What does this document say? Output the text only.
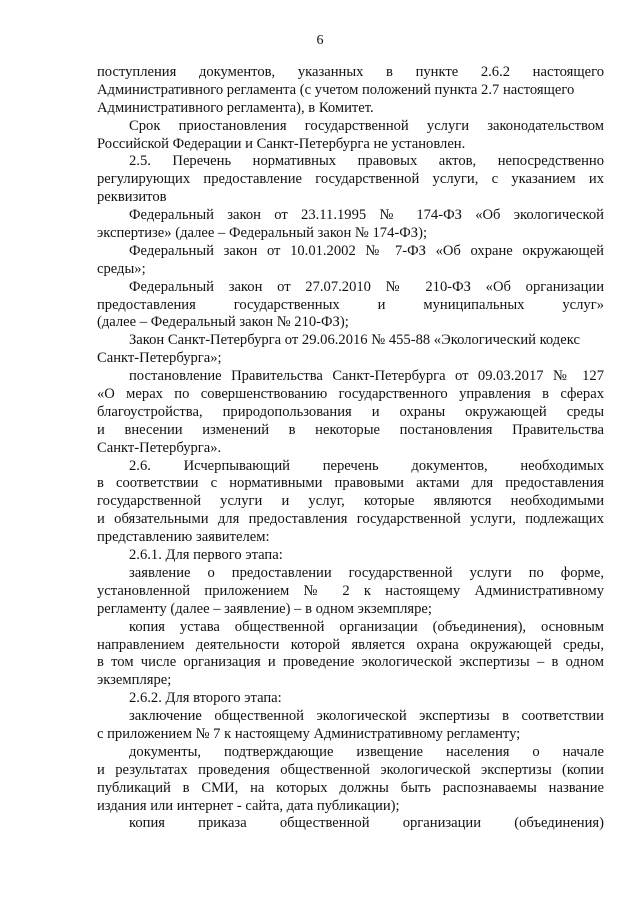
6
поступления документов, указанных в пункте 2.6.2 настоящего
Административного регламента (с учетом положений пункта 2.7 настоящего
Административного регламента), в Комитет.
Срок приостановления государственной услуги законодательством
Российской Федерации и Санкт-Петербурга не установлен.
2.5. Перечень нормативных правовых актов, непосредственно
регулирующих предоставление государственной услуги, с указанием их
реквизитов
Федеральный закон от 23.11.1995 № 174-ФЗ «Об экологической
экспертизе» (далее – Федеральный закон № 174-ФЗ);
Федеральный закон от 10.01.2002 № 7-ФЗ «Об охране окружающей
среды»;
Федеральный закон от 27.07.2010 № 210-ФЗ «Об организации
предоставления государственных и муниципальных услуг»
(далее – Федеральный закон № 210-ФЗ);
Закон Санкт-Петербурга от 29.06.2016 № 455-88 «Экологический кодекс
Санкт-Петербурга»;
постановление Правительства Санкт-Петербурга от 09.03.2017 № 127
«О мерах по совершенствованию государственного управления в сферах
благоустройства, природопользования и охраны окружающей среды
и внесении изменений в некоторые постановления Правительства
Санкт-Петербурга».
2.6. Исчерпывающий перечень документов, необходимых
в соответствии с нормативными правовыми актами для предоставления
государственной услуги и услуг, которые являются необходимыми
и обязательными для предоставления государственной услуги, подлежащих
представлению заявителем:
2.6.1. Для первого этапа:
заявление о предоставлении государственной услуги по форме,
установленной приложением № 2 к настоящему Административному
регламенту (далее – заявление) – в одном экземпляре;
копия устава общественной организации (объединения), основным
направлением деятельности которой является охрана окружающей среды,
в том числе организация и проведение экологической экспертизы – в одном
экземпляре;
2.6.2. Для второго этапа:
заключение общественной экологической экспертизы в соответствии
с приложением № 7 к настоящему Административному регламенту;
документы, подтверждающие извещение населения о начале
и результатах проведения общественной экологической экспертизы (копии
публикаций в СМИ, на которых должны быть распознаваемы название
издания или интернет - сайта, дата публикации);
копия приказа общественной организации (объединения)
